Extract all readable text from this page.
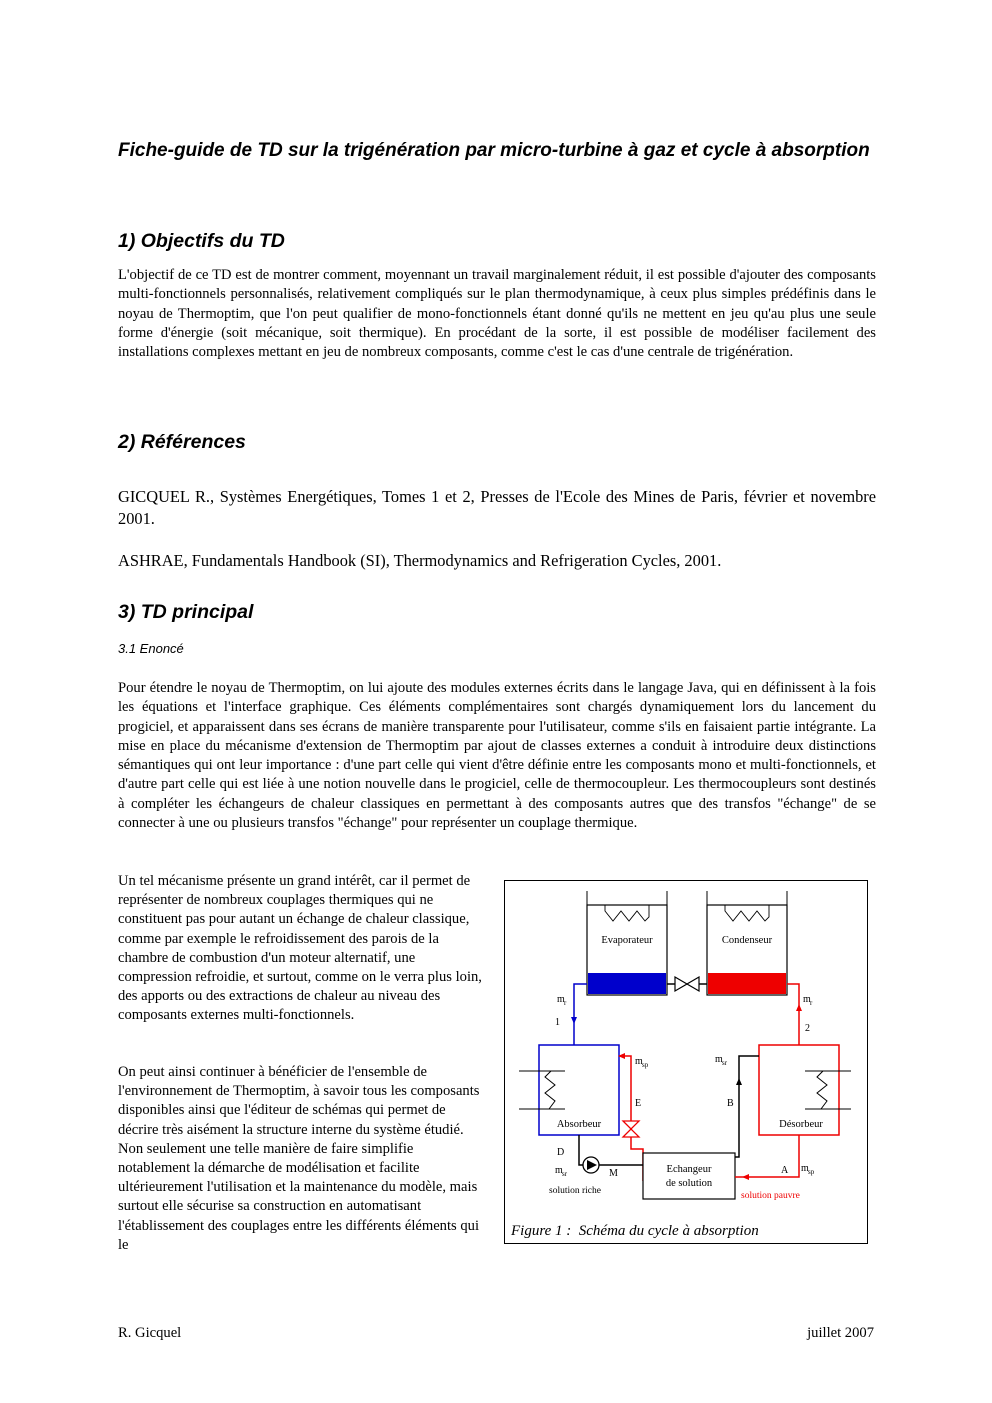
Fiche-guide de TD sur la trigénération par micro-turbine à gaz et cycle à absorption
1) Objectifs du TD

L'objectif de ce TD est de montrer comment, moyennant un travail marginalement réduit, il est possible d'ajouter des composants multi-fonctionnels personnalisés, relativement compliqués sur le plan thermodynamique, à ceux plus simples prédéfinis dans le noyau de Thermoptim, que l'on peut qualifier de mono-fonctionnels étant donné qu'ils ne mettent en jeu qu'au plus une seule forme d'énergie (soit mécanique, soit thermique). En procédant de la sorte, il est possible de modéliser facilement des installations complexes mettant en jeu de nombreux composants, comme c'est le cas d'une centrale de trigénération.

2) Références

GICQUEL R., Systèmes Energétiques, Tomes 1 et 2, Presses de l'Ecole des Mines de Paris, février et novembre 2001.

ASHRAE, Fundamentals Handbook (SI), Thermodynamics and Refrigeration Cycles, 2001.

3) TD principal
3.1 Enoncé

Pour étendre le noyau de Thermoptim, on lui ajoute des modules externes écrits dans le langage Java, qui en définissent à la fois les équations et l'interface graphique. Ces éléments complémentaires sont chargés dynamiquement lors du lancement du progiciel, et apparaissent dans ses écrans de manière transparente pour l'utilisateur, comme s'ils en faisaient partie intégrante. La mise en place du mécanisme d'extension de Thermoptim par ajout de classes externes a conduit à introduire deux distinctions sémantiques qui ont leur importance : d'une part celle qui vient d'être définie entre les composants mono et multi-fonctionnels, et d'autre part celle qui est liée à une notion nouvelle dans le progiciel, celle de thermocoupleur. Les thermocoupleurs sont destinés à compléter les échangeurs de chaleur classiques en permettant à des composants autres que des transfos "échange" de se connecter à une ou plusieurs transfos "échange" pour représenter un couplage thermique.

Un tel mécanisme présente un grand intérêt, car il permet de représenter de nombreux couplages thermiques qui ne constituent pas pour autant un échange de chaleur classique, comme par exemple le refroidissement des parois de la chambre de combustion d'un moteur alternatif, une compression refroidie, et surtout, comme on le verra plus loin, des apports ou des extractions de chaleur au niveau des composants externes multi-fonctionnels.

On peut ainsi continuer à bénéficier de l'ensemble de l'environnement de Thermoptim, à savoir tous les composants disponibles ainsi que l'éditeur de schémas qui permet de décrire très aisément la structure interne du système étudié. Non seulement une telle manière de faire simplifie notablement la démarche de modélisation et facilite ultérieurement l'utilisation et la maintenance du modèle, mais surtout elle sécurise sa construction en automatisant l'établissement des couplages entre les différents éléments qui le

Evaporateur	Condenseur
Absorbeur	Désorbeur
Echangeur
de solution
m r
1
m r
2
m sp
E
m sr
B
D
m sr	M
solution riche
A m sp
solution pauvre
Figure 1 :  Schéma du cycle à absorption
R. Gicquel	juillet 2007
